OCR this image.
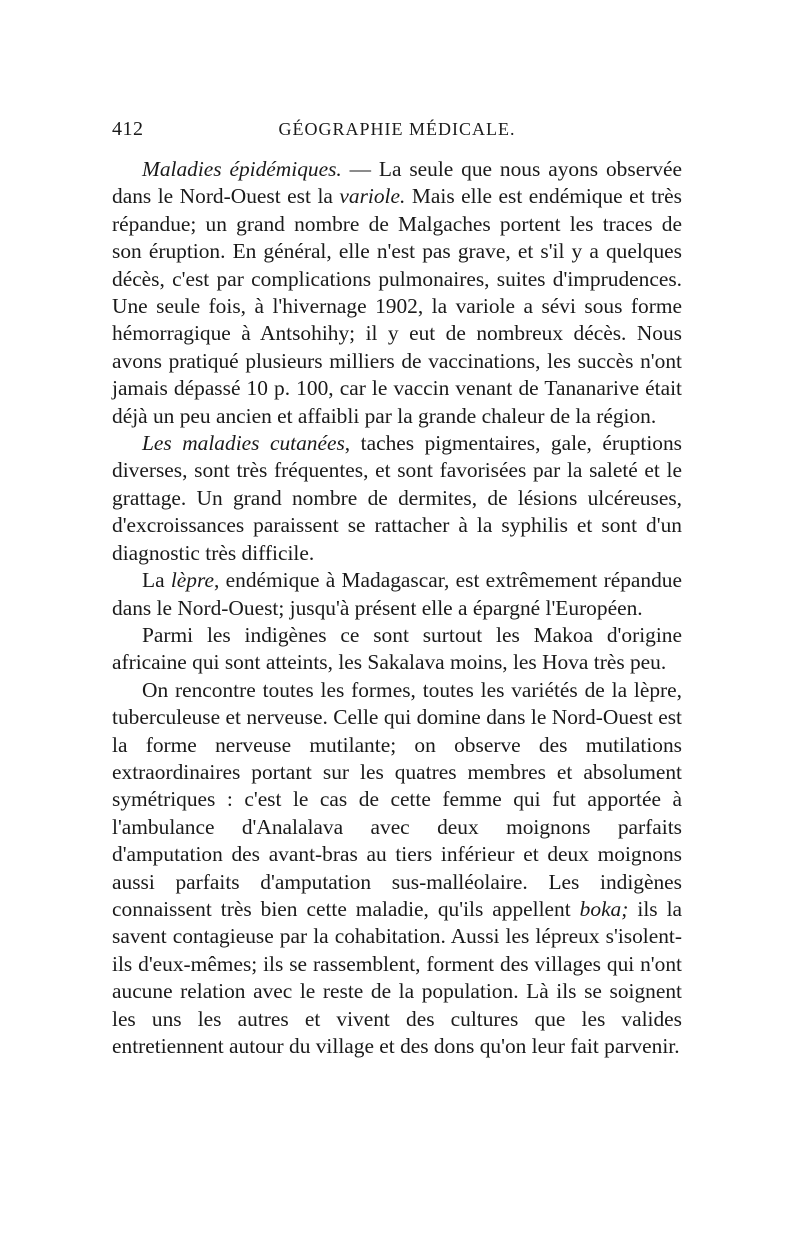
412	GÉOGRAPHIE MÉDICALE.

Maladies épidémiques. — La seule que nous ayons observée dans le Nord-Ouest est la variole. Mais elle est endémique et très répandue; un grand nombre de Malgaches portent les traces de son éruption. En général, elle n'est pas grave, et s'il y a quelques décès, c'est par complications pulmonaires, suites d'imprudences. Une seule fois, à l'hivernage 1902, la variole a sévi sous forme hémorragique à Antsohihy; il y eut de nombreux décès. Nous avons pratiqué plusieurs milliers de vaccinations, les succès n'ont jamais dépassé 10 p. 100, car le vaccin venant de Tananarive était déjà un peu ancien et affaibli par la grande chaleur de la région.

Les maladies cutanées, taches pigmentaires, gale, éruptions diverses, sont très fréquentes, et sont favorisées par la saleté et le grattage. Un grand nombre de dermites, de lésions ulcéreuses, d'excroissances paraissent se rattacher à la syphilis et sont d'un diagnostic très difficile.

La lèpre, endémique à Madagascar, est extrêmement répandue dans le Nord-Ouest; jusqu'à présent elle a épargné l'Européen.

Parmi les indigènes ce sont surtout les Makoa d'origine africaine qui sont atteints, les Sakalava moins, les Hova très peu.

On rencontre toutes les formes, toutes les variétés de la lèpre, tuberculeuse et nerveuse. Celle qui domine dans le Nord-Ouest est la forme nerveuse mutilante; on observe des mutilations extraordinaires portant sur les quatres membres et absolument symétriques : c'est le cas de cette femme qui fut apportée à l'ambulance d'Analalava avec deux moignons parfaits d'amputation des avant-bras au tiers inférieur et deux moignons aussi parfaits d'amputation sus-malléolaire. Les indigènes connaissent très bien cette maladie, qu'ils appellent boka; ils la savent contagieuse par la cohabitation. Aussi les lépreux s'isolent-ils d'eux-mêmes; ils se rassemblent, forment des villages qui n'ont aucune relation avec le reste de la population. Là ils se soignent les uns les autres et vivent des cultures que les valides entretiennent autour du village et des dons qu'on leur fait parvenir.
